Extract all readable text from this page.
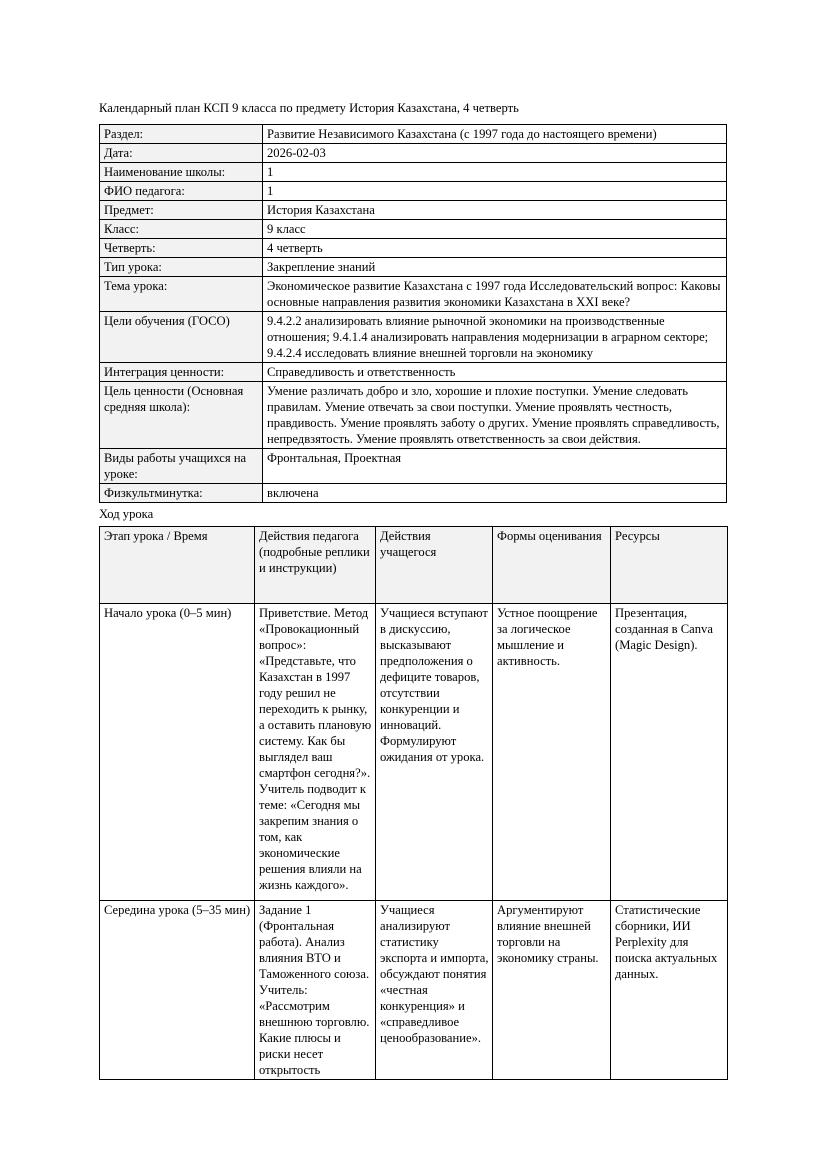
Календарный план КСП 9 класса по предмету История Казахстана, 4 четверть

Раздел:	Развитие Независимого Казахстана (с 1997 года до настоящего времени)
Дата:	2026-02-03
Наименование школы:	1
ФИО педагога:	1
Предмет:	История Казахстана
Класс:	9 класс
Четверть:	4 четверть
Тип урока:	Закрепление знаний
Тема урока:	Экономическое развитие Казахстана с 1997 года Исследовательский вопрос: Каковы основные направления развития экономики Казахстана в XXI веке?
Цели обучения (ГОСО)	9.4.2.2 анализировать влияние рыночной экономики на производственные отношения; 9.4.1.4 анализировать направления модернизации в аграрном секторе; 9.4.2.4 исследовать влияние внешней торговли на экономику
Интеграция ценности:	Справедливость и ответственность
Цель ценности (Основная средняя школа):	Умение различать добро и зло, хорошие и плохие поступки. Умение следовать правилам. Умение отвечать за свои поступки. Умение проявлять честность, правдивость. Умение проявлять заботу о других. Умение проявлять справедливость, непредвзятость. Умение проявлять ответственность за свои действия.
Виды работы учащихся на уроке:	Фронтальная, Проектная
Физкультминутка:	включена

Ход урока

Этап урока / Время	Действия педагога (подробные реплики и инструкции)	Действия учащегося	Формы оценивания	Ресурсы
Начало урока (0–5 мин)	Приветствие. Метод «Провокационный вопрос»: «Представьте, что Казахстан в 1997 году решил не переходить к рынку, а оставить плановую систему. Как бы выглядел ваш смартфон сегодня?». Учитель подводит к теме: «Сегодня мы закрепим знания о том, как экономические решения влияли на жизнь каждого».	Учащиеся вступают в дискуссию, высказывают предположения о дефиците товаров, отсутствии конкуренции и инноваций. Формулируют ожидания от урока.	Устное поощрение за логическое мышление и активность.	Презентация, созданная в Canva (Magic Design).
Середина урока (5–35 мин)	Задание 1 (Фронтальная работа). Анализ влияния ВТО и Таможенного союза. Учитель: «Рассмотрим внешнюю торговлю. Какие плюсы и риски несет открытость	Учащиеся анализируют статистику экспорта и импорта, обсуждают понятия «честная конкуренция» и «справедливое ценообразование».	Аргументируют влияние внешней торговли на экономику страны.	Статистические сборники, ИИ Perplexity для поиска актуальных данных.
